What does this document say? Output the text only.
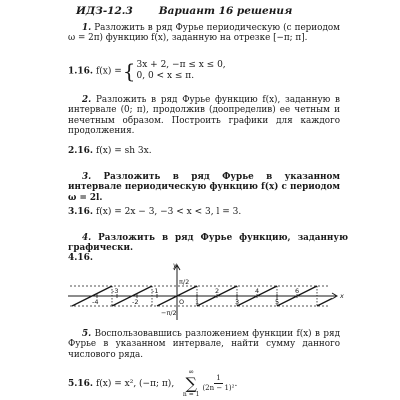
ИДЗ-12.3 Вариант 16 решения
1. Разложить в ряд Фурье периодическую (с периодом ω = 2π) функцию f(x), заданную на отрезке [−π; π].
1.16. f(x) ={3x + 2, −π ≤ x ≤ 0,
0, 0 < x ≤ π.
2. Разложить в ряд Фурье функцию f(x), заданную в интервале (0; π), продолжив (доопределив) ее четным и нечетным образом. Построить графики для каждого продолжения.
2.16. f(x) = sh 3x.
3. Разложить в ряд Фурье в указанном интервале периодическую функцию f(x) с периодом ω = 2l.
3.16. f(x) = 2x − 3, −3 < x < 3, l = 3.
4. Разложить в ряд Фурье функцию, заданную графически.
4.16.
y
x
π/2
−π/2
-4
-3
-2
-1
O 1
2
3
4
5
6
5. Воспользовавшись разложением функции f(x) в ряд Фурье в указанном интервале, найти сумму данного числового ряда.
5.16.
f(x) = x², (−π; π),

∞
∑
n = 1
$\frac{1}{\text{(2n − 1)²}}$ .
